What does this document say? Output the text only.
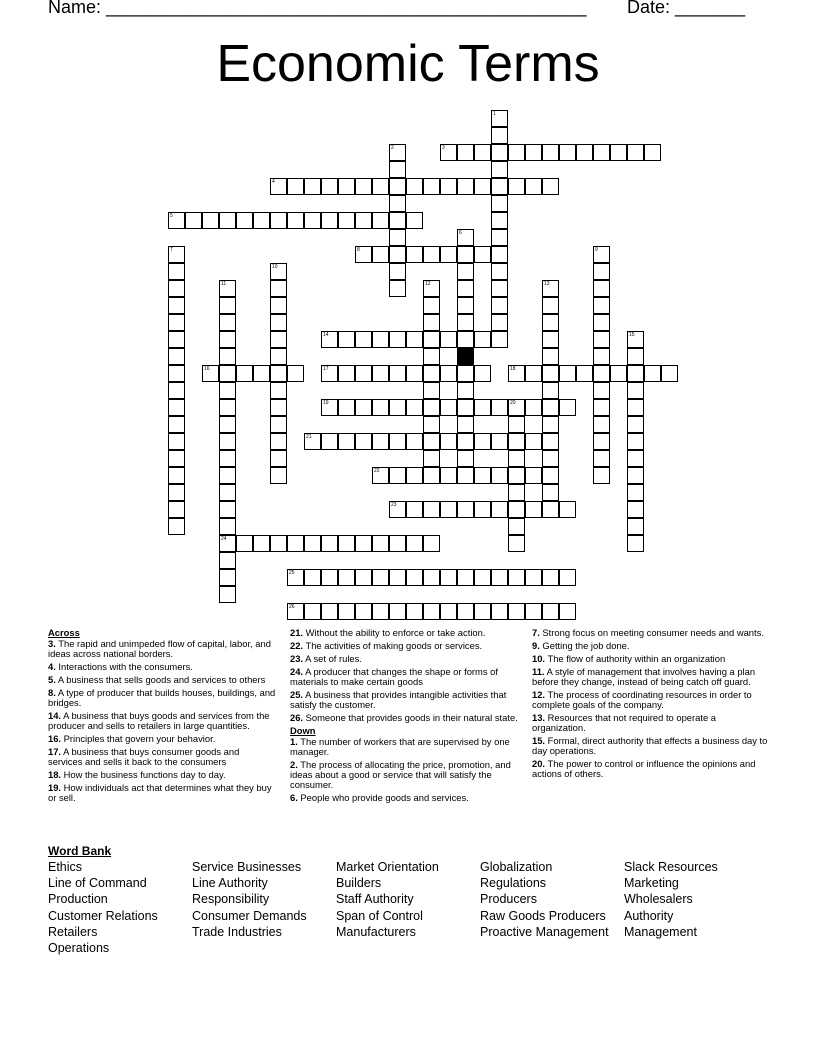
Name: ________________________________________________ Date: _______
Economic Terms
1
2	3
4
5
6
7	8	9
10
11
24
12	13
14	15
16	17	18
19	20
21
22
23
25
26
Across
3. The rapid and unimpeded flow of capital, labor, and ideas across national borders.
4. Interactions with the consumers.
5. A business that sells goods and services to others
8. A type of producer that builds houses, buildings, and bridges.
14. A business that buys goods and services from the producer and sells to retailers in large quantities.
16. Principles that govern your behavior.
17. A business that buys consumer goods and services and sells it back to the consumers
18. How the business functions day to day.
19. How individuals act that determines what they buy or sell.
21. Without the ability to enforce or take action.
22. The activities of making goods or services.
23. A set of rules.
24. A producer that changes the shape or forms of materials to make certain goods
25. A business that provides intangible activities that satisfy the customer.
26. Someone that provides goods in their natural state.
Down
1. The number of workers that are supervised by one manager.
2. The process of allocating the price, promotion, and ideas about a good or service that will satisfy the consumer.
6. People who provide goods and services.
7. Strong focus on meeting consumer needs and wants.
9. Getting the job done.
10. The flow of authority within an organization
11. A style of management that involves having a plan before they change, instead of being catch off guard.
12. The process of coordinating resources in order to complete goals of the company.
13. Resources that not required to operate a organization.
15. Formal, direct authority that effects a business day to day operations.
20. The power to control or influence the opinions and actions of others.
Word Bank
Ethics
Line of Command
Production
Customer Relations
Retailers
Operations
Service Businesses
Line Authority
Responsibility
Consumer Demands
Trade Industries
Market Orientation
Builders
Staff Authority
Span of Control
Manufacturers
Globalization
Regulations
Producers
Raw Goods Producers
Proactive Management
Slack Resources
Marketing
Wholesalers
Authority
Management
